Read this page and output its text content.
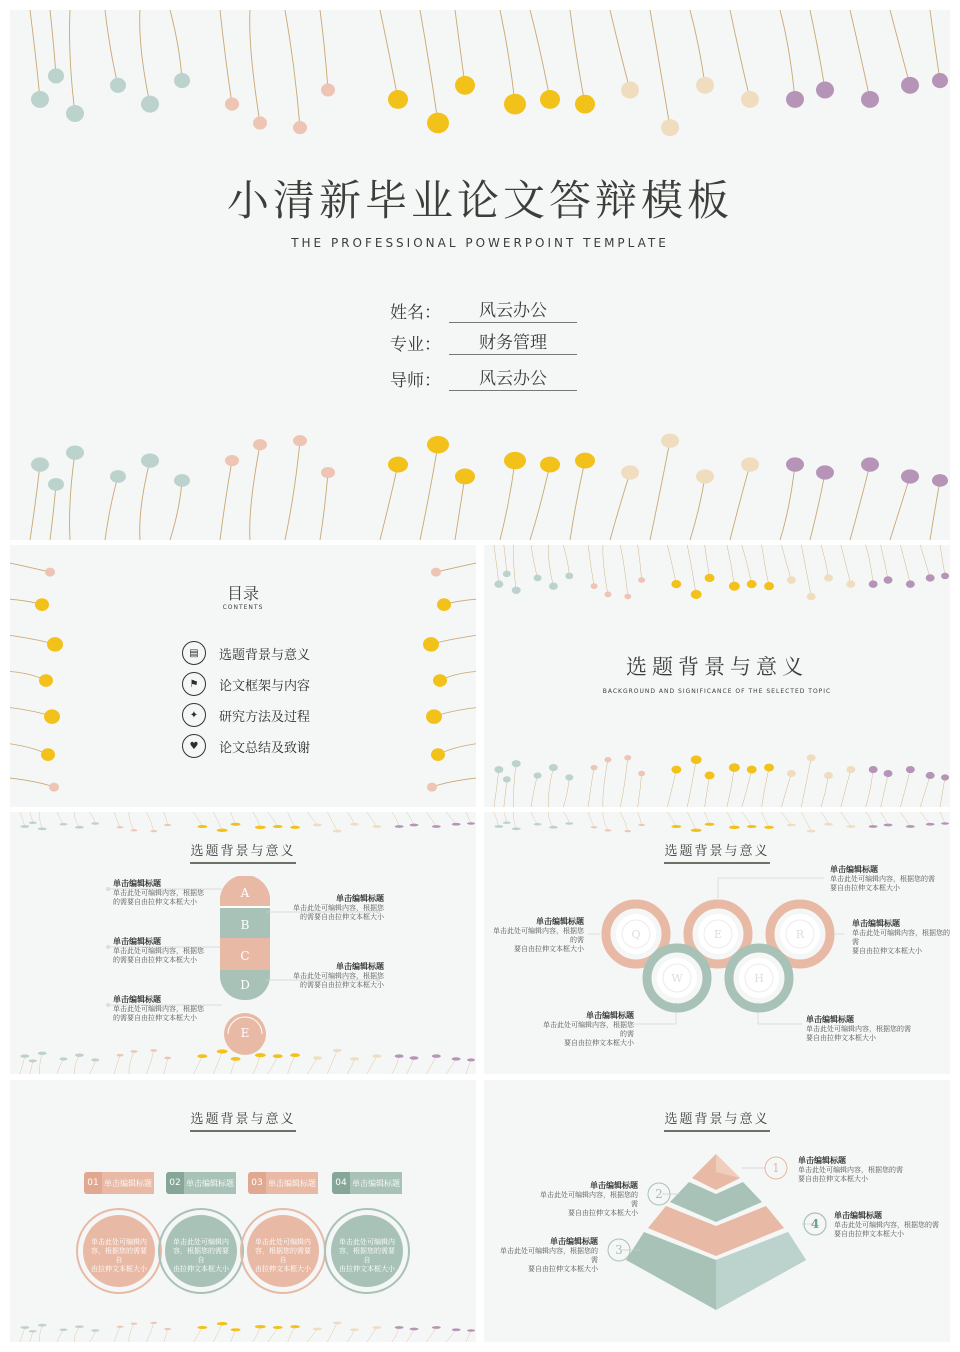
小清新毕业论文答辩模板
THE PROFESSIONAL POWERPOINT TEMPLATE
姓名：	风云办公
专业：	财务管理
导师：	风云办公
目录
CONTENTS
▤	选题背景与意义
⚑	论文框架与内容
✦	研究方法及过程
♥	论文总结及致谢
选题背景与意义
BACKGROUND AND SIGNIFICANCE OF THE SELECTED TOPIC
选题背景与意义
A
B
C
D
E
单击编辑标题
单击此处可编辑内容，根据您
的需要自由拉伸文本框大小
单击编辑标题
单击此处可编辑内容，根据您
的需要自由拉伸文本框大小
单击编辑标题
单击此处可编辑内容，根据您
的需要自由拉伸文本框大小
单击编辑标题
单击此处可编辑内容，根据您
的需要自由拉伸文本框大小
单击编辑标题
单击此处可编辑内容，根据您
的需要自由拉伸文本框大小
选题背景与意义
Q	E	R
W	H
单击编辑标题
单击此处可编辑内容，根据您的需
要自由拉伸文本框大小
单击编辑标题
单击此处可编辑内容，根据您的需
要自由拉伸文本框大小
单击编辑标题
单击此处可编辑内容，根据您的需
要自由拉伸文本框大小
单击编辑标题
单击此处可编辑内容，根据您的需
要自由拉伸文本框大小
单击编辑标题
单击此处可编辑内容，根据您的需
要自由拉伸文本框大小
选题背景与意义
01 单击编辑标题	02 单击编辑标题	03 单击编辑标题	04 单击编辑标题
单击此处可编辑内
容，根据您的需要自
由拉伸文本框大小
单击此处可编辑内
容，根据您的需要自
由拉伸文本框大小
单击此处可编辑内
容，根据您的需要自
由拉伸文本框大小
单击此处可编辑内
容，根据您的需要自
由拉伸文本框大小
选题背景与意义
1
2
4
3
单击编辑标题
单击此处可编辑内容，根据您的需
要自由拉伸文本框大小
单击编辑标题
单击此处可编辑内容，根据您的需
要自由拉伸文本框大小	单击编辑标题
单击此处可编辑内容，根据您的需
要自由拉伸文本框大小
单击编辑标题
单击此处可编辑内容，根据您的需
要自由拉伸文本框大小
